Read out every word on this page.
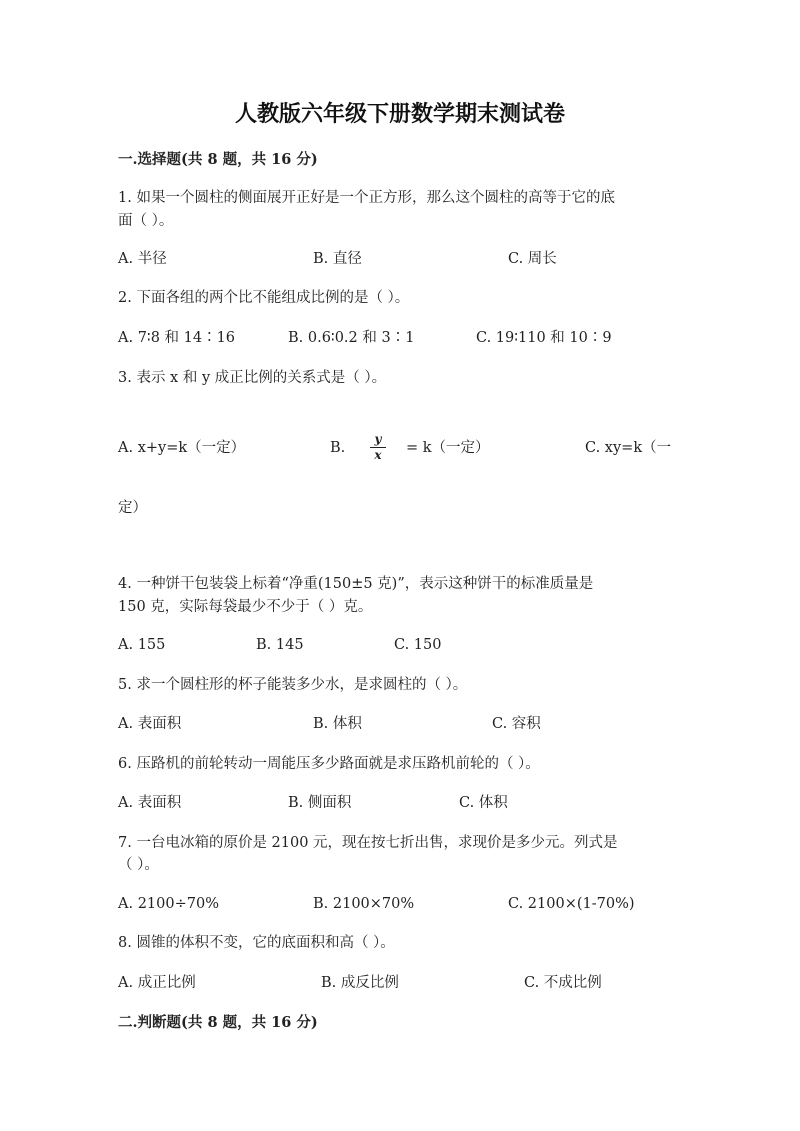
人教版六年级下册数学期末测试卷
一.选择题(共 8 题，共 16 分)
1. 如果一个圆柱的侧面展开正好是一个正方形，那么这个圆柱的高等于它的底
面（ ）。
A. 半径	B. 直径	C. 周长
2. 下面各组的两个比不能组成比例的是（ ）。
A. 7∶8 和 14∶16	B. 0.6∶0.2 和 3∶1	C. 19∶110 和 10∶9
3. 表示 x 和 y 成正比例的关系式是（ ）。
A. x+y=k（一定）	B.
y
x	= k（一定）	C. xy=k（一
定）
4. 一种饼干包装袋上标着“净重(150±5 克)”，表示这种饼干的标准质量是
150 克，实际每袋最少不少于（ ）克。
A. 155	B. 145	C. 150
5. 求一个圆柱形的杯子能装多少水，是求圆柱的（ ）。
A. 表面积	B. 体积	C. 容积
6. 压路机的前轮转动一周能压多少路面就是求压路机前轮的（ ）。
A. 表面积	B. 侧面积	C. 体积
7. 一台电冰箱的原价是 2100 元，现在按七折出售，求现价是多少元。列式是
（ ）。
A. 2100÷70%	B. 2100×70%	C. 2100×(1-70%)
8. 圆锥的体积不变，它的底面积和高（ ）。
A. 成正比例	B. 成反比例	C. 不成比例
二.判断题(共 8 题，共 16 分)
